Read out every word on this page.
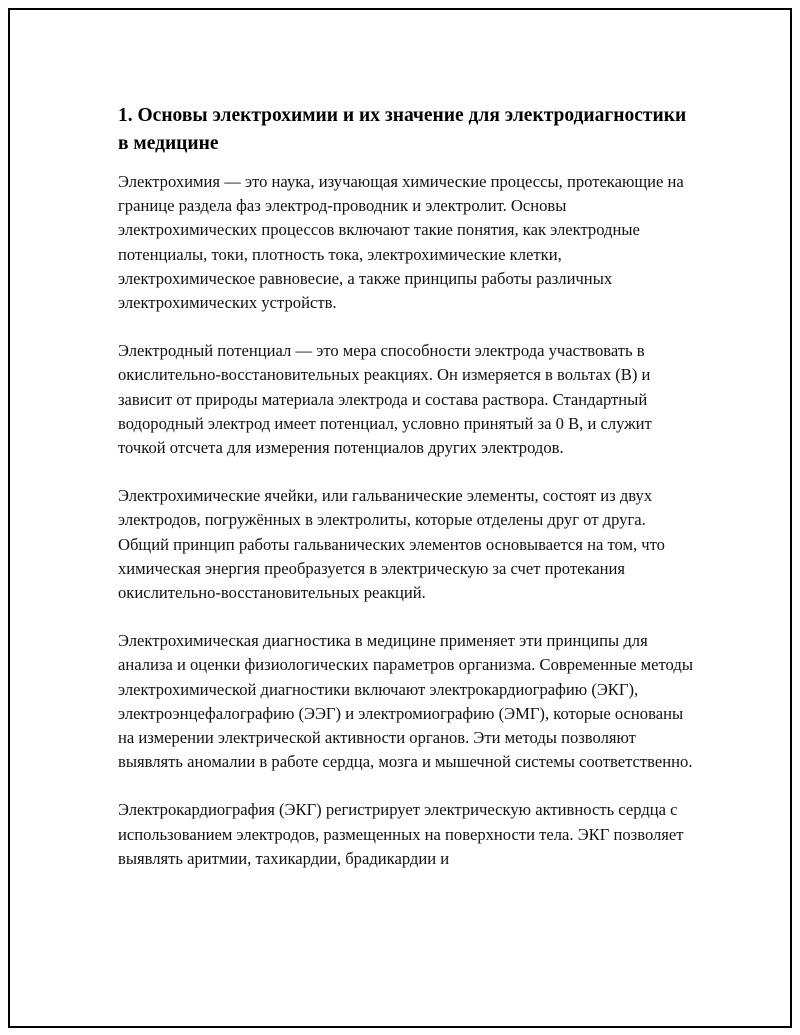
1. Основы электрохимии и их значение для электродиагностики в медицине

Электрохимия — это наука, изучающая химические процессы, протекающие на границе раздела фаз электрод-проводник и электролит. Основы электрохимических процессов включают такие понятия, как электродные потенциалы, токи, плотность тока, электрохимические клетки, электрохимическое равновесие, а также принципы работы различных электрохимических устройств.

Электродный потенциал — это мера способности электрода участвовать в окислительно-восстановительных реакциях. Он измеряется в вольтах (В) и зависит от природы материала электрода и состава раствора. Стандартный водородный электрод имеет потенциал, условно принятый за 0 В, и служит точкой отсчета для измерения потенциалов других электродов.

Электрохимические ячейки, или гальванические элементы, состоят из двух электродов, погружённых в электролиты, которые отделены друг от друга. Общий принцип работы гальванических элементов основывается на том, что химическая энергия преобразуется в электрическую за счет протекания окислительно-восстановительных реакций.

Электрохимическая диагностика в медицине применяет эти принципы для анализа и оценки физиологических параметров организма. Современные методы электрохимической диагностики включают электрокардиографию (ЭКГ), электроэнцефалографию (ЭЭГ) и электромиографию (ЭМГ), которые основаны на измерении электрической активности органов. Эти методы позволяют выявлять аномалии в работе сердца, мозга и мышечной системы соответственно.

Электрокардиография (ЭКГ) регистрирует электрическую активность сердца с использованием электродов, размещенных на поверхности тела. ЭКГ позволяет выявлять аритмии, тахикардии, брадикардии и
